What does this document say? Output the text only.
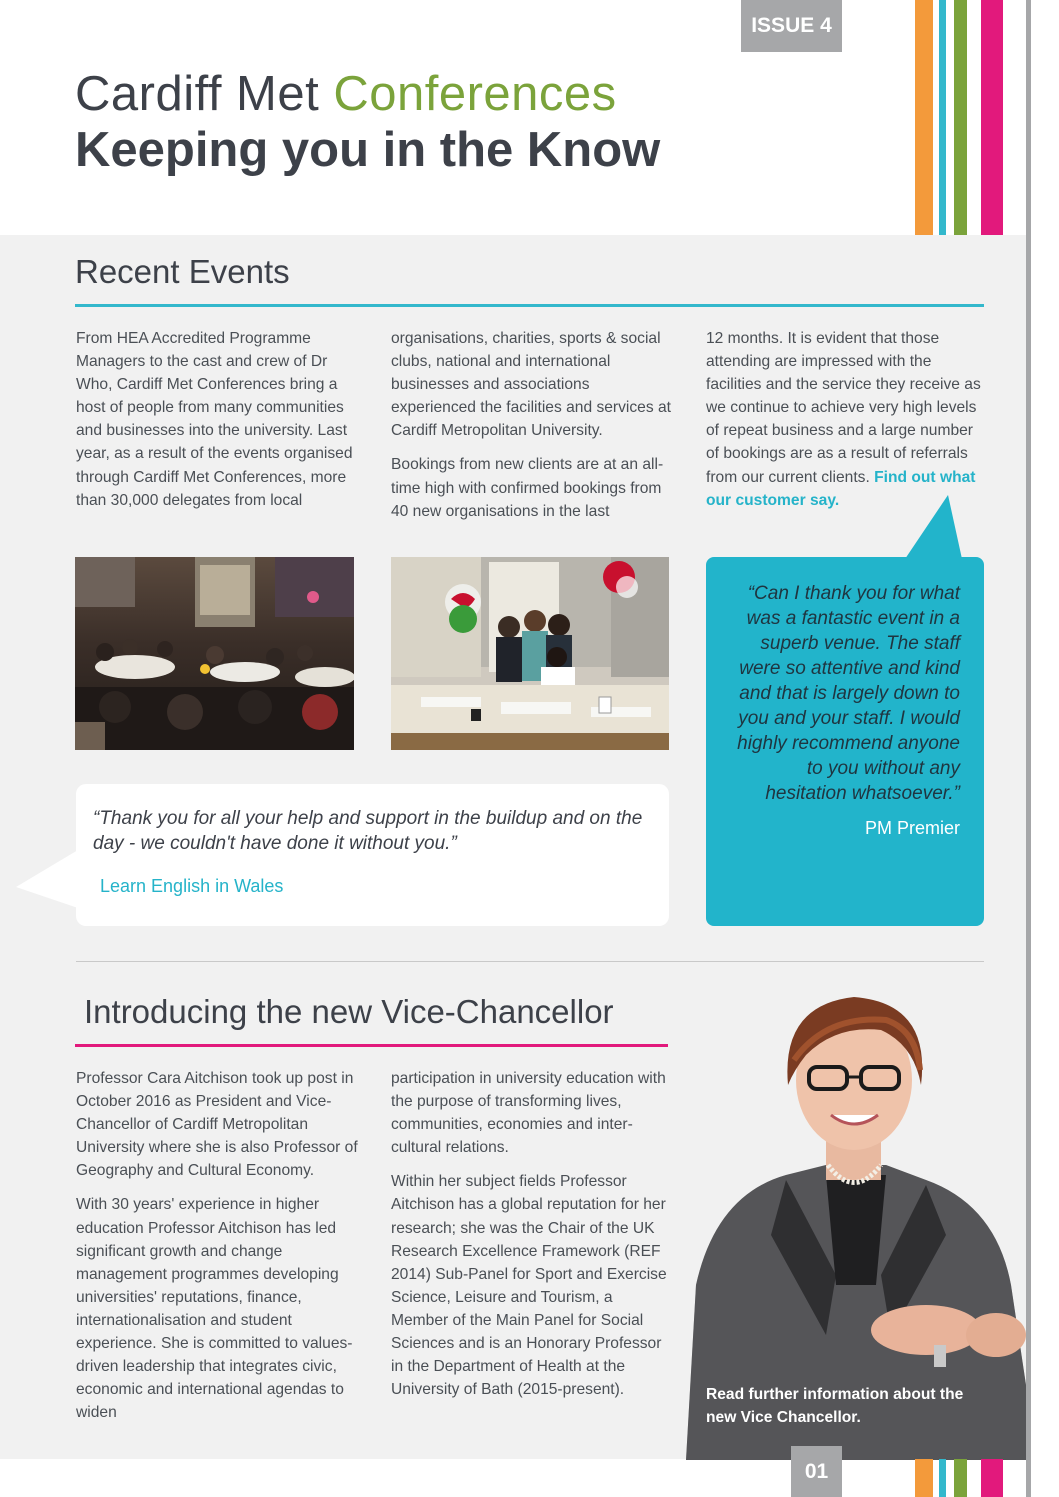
ISSUE 4
Cardiff Met Conferences
Keeping you in the Know
Recent Events

From HEA Accredited Programme Managers to the cast and crew of Dr Who, Cardiff Met Conferences bring a host of people from many communities and businesses into the university. Last year, as a result of the events organised through Cardiff Met Conferences, more than 30,000 delegates from local

organisations, charities, sports & social clubs, national and international businesses and associations experienced the facilities and services at Cardiff Metropolitan University.

Bookings from new clients are at an all-time high with confirmed bookings from 40 new organisations in the last

12 months. It is evident that those attending are impressed with the facilities and the service they receive as we continue to achieve very high levels of repeat business and a large number of bookings are as a result of referrals from our current clients. Find out what our customer say.

“Can I thank you for what was a fantastic event in a superb venue. The staff were so attentive and kind and that is largely down to you and your staff. I would highly recommend anyone to you without any hesitation whatsoever.”

PM Premier

“Thank you for all your help and support in the buildup and on the day - we couldn't have done it without you.”

Learn English in Wales

Introducing the new Vice-Chancellor

Professor Cara Aitchison took up post in October 2016 as President and Vice-Chancellor of Cardiff Metropolitan University where she is also Professor of Geography and Cultural Economy.

With 30 years' experience in higher education Professor Aitchison has led significant growth and change management programmes developing universities' reputations, finance, internationalisation and student experience. She is committed to values-driven leadership that integrates civic, economic and international agendas to widen

participation in university education with the purpose of transforming lives, communities, economies and inter-cultural relations.

Within her subject fields Professor Aitchison has a global reputation for her research; she was the Chair of the UK Research Excellence Framework (REF 2014) Sub-Panel for Sport and Exercise Science, Leisure and Tourism, a Member of the Main Panel for Social Sciences and is an Honorary Professor in the Department of Health at the University of Bath (2015-present).	Read further information about the new Vice Chancellor.
01
